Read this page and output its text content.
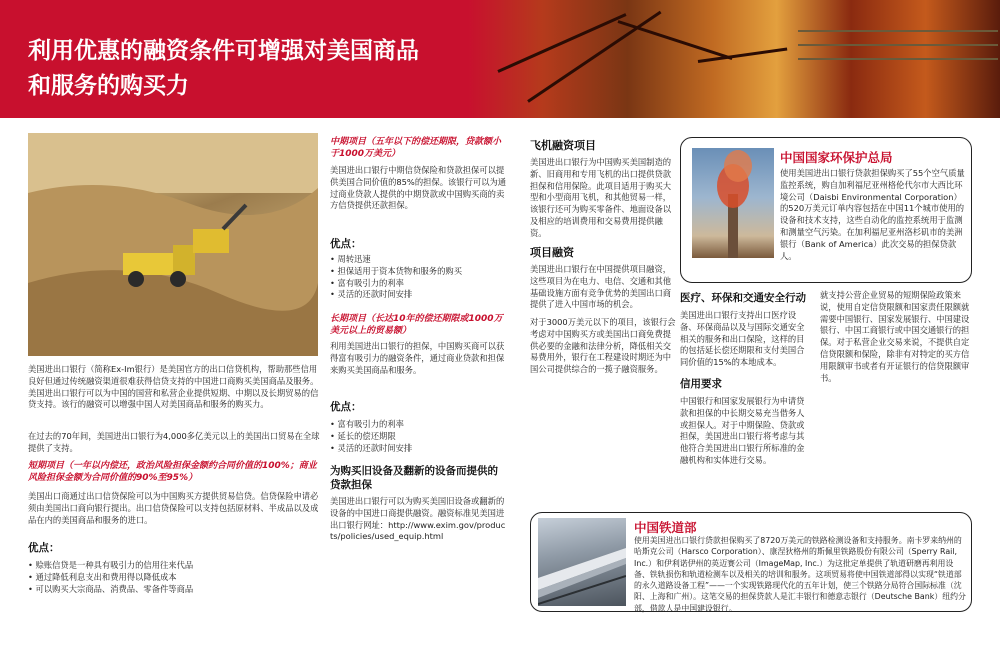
利用优惠的融资条件可增强对美国商品
和服务的购买力
美国进出口银行（简称Ex-Im银行）是美国官方的出口信贷机构，帮助那些信用良好但通过传统融资渠道很难获得信贷支持的中国进口商购买美国商品及服务。美国进出口银行可以为中国的国营和私营企业提供短期、中期以及长期贸易的信贷支持。该行的融资可以增强中国人对美国商品和服务的购买力。
在过去的70年间，美国进出口银行为4,000多亿美元以上的美国出口贸易在全球提供了支持。
短期项目（一年以内偿还，政治风险担保金额约合同价值的100%；商业风险担保金额为合同价值的90%至95%）
美国出口商通过出口信贷保险可以为中国购买方提供贸易信贷。信贷保险申请必须由美国出口商向银行提出。出口信贷保险可以支持包括原材料、半成品以及成品在内的美国商品和服务的进口。
优点：
• 赊账信贷是一种具有吸引力的信用往来代品
• 通过降低利息支出和费用得以降低成本
• 可以购买大宗商品、消费品、零备件等商品
中期项目（五年以下的偿还期限，贷款额小于1000万美元）
美国进出口银行中期信贷保险和贷款担保可以提供美国合同价值的85%的担保。该银行可以为通过商业贷款人提供的中期贷款或中国购买商的卖方信贷提供还款担保。
优点：
• 周转迅速
• 担保适用于资本货物和服务的购买
• 富有吸引力的利率
• 灵活的还款时间安排
长期项目（长达10年的偿还期限或1000万美元以上的贸易额）
利用美国进出口银行的担保，中国购买商可以获得富有吸引力的融资条件，通过商业贷款和担保来购买美国商品和服务。
优点：
• 富有吸引力的利率
• 延长的偿还期限
• 灵活的还款时间安排
为购买旧设备及翻新的设备而提供的贷款担保
美国进出口银行可以为购买美国旧设备或翻新的设备的中国进口商提供融资。融资标准见美国进出口银行网址：http://www.exim.gov/products/policies/used_equip.html
飞机融资项目
美国进出口银行为中国购买美国制造的新、旧商用和专用飞机的出口提供贷款担保和信用保险。此项目适用于购买大型和小型商用飞机，和其他贸易一样，该银行还可为购买零备件、地面设备以及相应的培训费用和交易费用提供融资。
项目融资
美国进出口银行在中国提供项目融资，这些项目为在电力、电信、交通和其他基础设施方面有竞争优势的美国出口商提供了进入中国市场的机会。
对于3000万美元以下的项目，该银行会考虑对中国购买方或美国出口商免费提供必要的金融和法律分析，降低相关交易费用外，银行在工程建设时期还为中国公司提供综合的一揽子融资服务。
中国国家环保护总局
使用美国进出口银行贷款担保购买了55个空气质量监控系统，购自加利福尼亚州格伦代尔市大西比环境公司（Daisbi Environmental Corporation）的520万美元订单内容包括在中国11个城市使用的设备和技术支持，这些自动化的监控系统用于监测和测量空气污染。在加利福尼亚州洛杉矶市的美洲银行（Bank of America）此次交易的担保贷款人。
医疗、环保和交通安全行动
美国进出口银行支持出口医疗设备、环保商品以及与国际交通安全相关的服务和出口保险，这样的目的包括延长偿还期限和支付美国合同价值的15%的本地成本。
信用要求
中国银行和国家发展银行为申请贷款和担保的中长期交易充当借务人或担保人。对于中期保险、贷款或担保，美国进出口银行将考虑与其他符合美国进出口银行所标准的金融机构和实体进行交易。
就支持公营企业贸易的短期保险政策来说，使用自定信贷限额和国家责任限额就需要中国银行、国家发展银行、中国建设银行、中国工商银行或中国交通银行的担保。对于私营企业交易来说，不提供自定信贷限额和保险，除非有对特定的买方信用限额审书或者有开证银行的信贷限额审书。
中国铁道部
使用美国进出口银行贷款担保购买了8720万美元的铁路检测设备和支持服务。南卡罗来纳州的哈斯克公司（Harsco Corporation）、康涅狄格州的斯佩里铁路股份有限公司（Sperry Rail, Inc.）和伊利诺伊州的英迈赛公司（ImageMap, Inc.）为这批定单提供了轨道研磨再利用设备、铁轨损伤和轨道检测车以及相关的培训和服务。这项贸易将使中国铁道部得以实现“铁道部的永久道路设备工程”——一个实现铁路现代化的五年计划，使三个铁路分局符合国际标准（沈阳、上海和广州）。这笔交易的担保贷款人是汇丰银行和德意志银行（Deutsche Bank）纽约分部，借款人是中国建设银行。
